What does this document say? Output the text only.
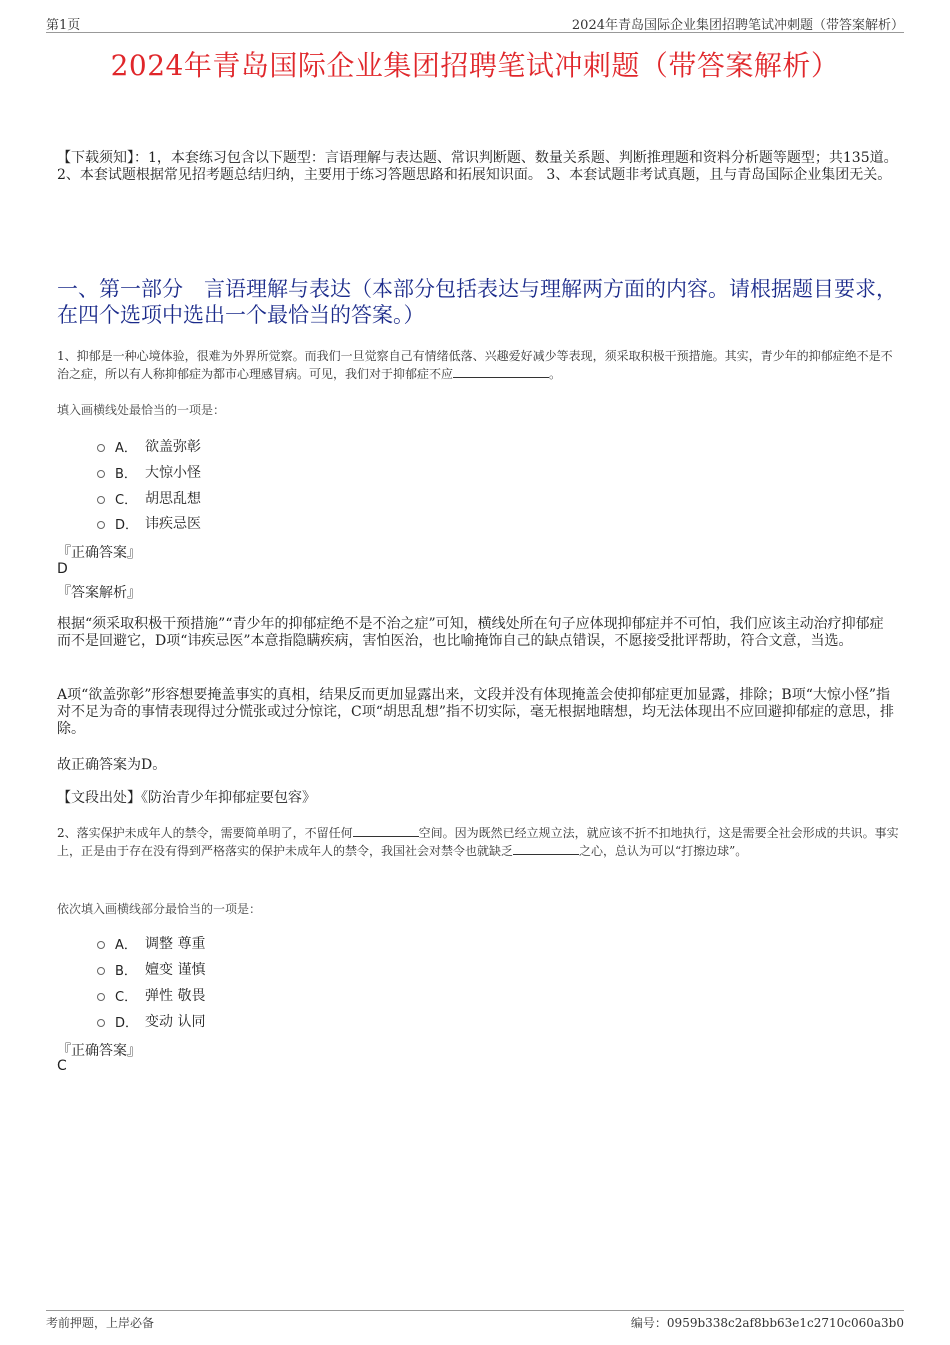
第1页	2024年青岛国际企业集团招聘笔试冲刺题（带答案解析）
2024年青岛国际企业集团招聘笔试冲刺题（带答案解析）
【下载须知】：1，本套练习包含以下题型：言语理解与表达题、常识判断题、数量关系题、判断推理题和资料分析题等题型；共135道。 2、本套试题根据常见招考题总结归纳，主要用于练习答题思路和拓展知识面。 3、本套试题非考试真题，且与青岛国际企业集团无关。
一、第一部分　言语理解与表达（本部分包括表达与理解两方面的内容。请根据题目要求，在四个选项中选出一个最恰当的答案。）
1、抑郁是一种心境体验，很难为外界所觉察。而我们一旦觉察自己有情绪低落、兴趣爱好减少等表现，须采取积极干预措施。其实，青少年的抑郁症绝不是不治之症，所以有人称抑郁症为都市心理感冒病。可见，我们对于抑郁症不应	。
填入画横线处最恰当的一项是：
A． 欲盖弥彰
B． 大惊小怪
C． 胡思乱想
D． 讳疾忌医
『正确答案』
D
『答案解析』
根据“须采取积极干预措施”“青少年的抑郁症绝不是不治之症”可知，横线处所在句子应体现抑郁症并不可怕，我们应该主动治疗抑郁症而不是回避它，D项“讳疾忌医”本意指隐瞒疾病，害怕医治，也比喻掩饰自己的缺点错误，不愿接受批评帮助，符合文意，当选。
A项“欲盖弥彰”形容想要掩盖事实的真相，结果反而更加显露出来，文段并没有体现掩盖会使抑郁症更加显露，排除；B项“大惊小怪”指对不足为奇的事情表现得过分慌张或过分惊诧，C项“胡思乱想”指不切实际，毫无根据地瞎想，均无法体现出不应回避抑郁症的意思，排除。
故正确答案为D。
【文段出处】《防治青少年抑郁症要包容》
2、落实保护未成年人的禁令，需要简单明了，不留任何	空间。因为既然已经立规立法，就应该不折不扣地执行，这是需要全社会形成的共识。事实上，正是由于存在没有得到严格落实的保护未成年人的禁令，我国社会对禁令也就缺乏	之心，总认为可以“打擦边球”。
依次填入画横线部分最恰当的一项是：
A． 调整 尊重
B． 嬗变 谨慎
C． 弹性 敬畏
D． 变动 认同
『正确答案』
C
考前押题，上岸必备	编号：0959b338c2af8bb63e1c2710c060a3b0
